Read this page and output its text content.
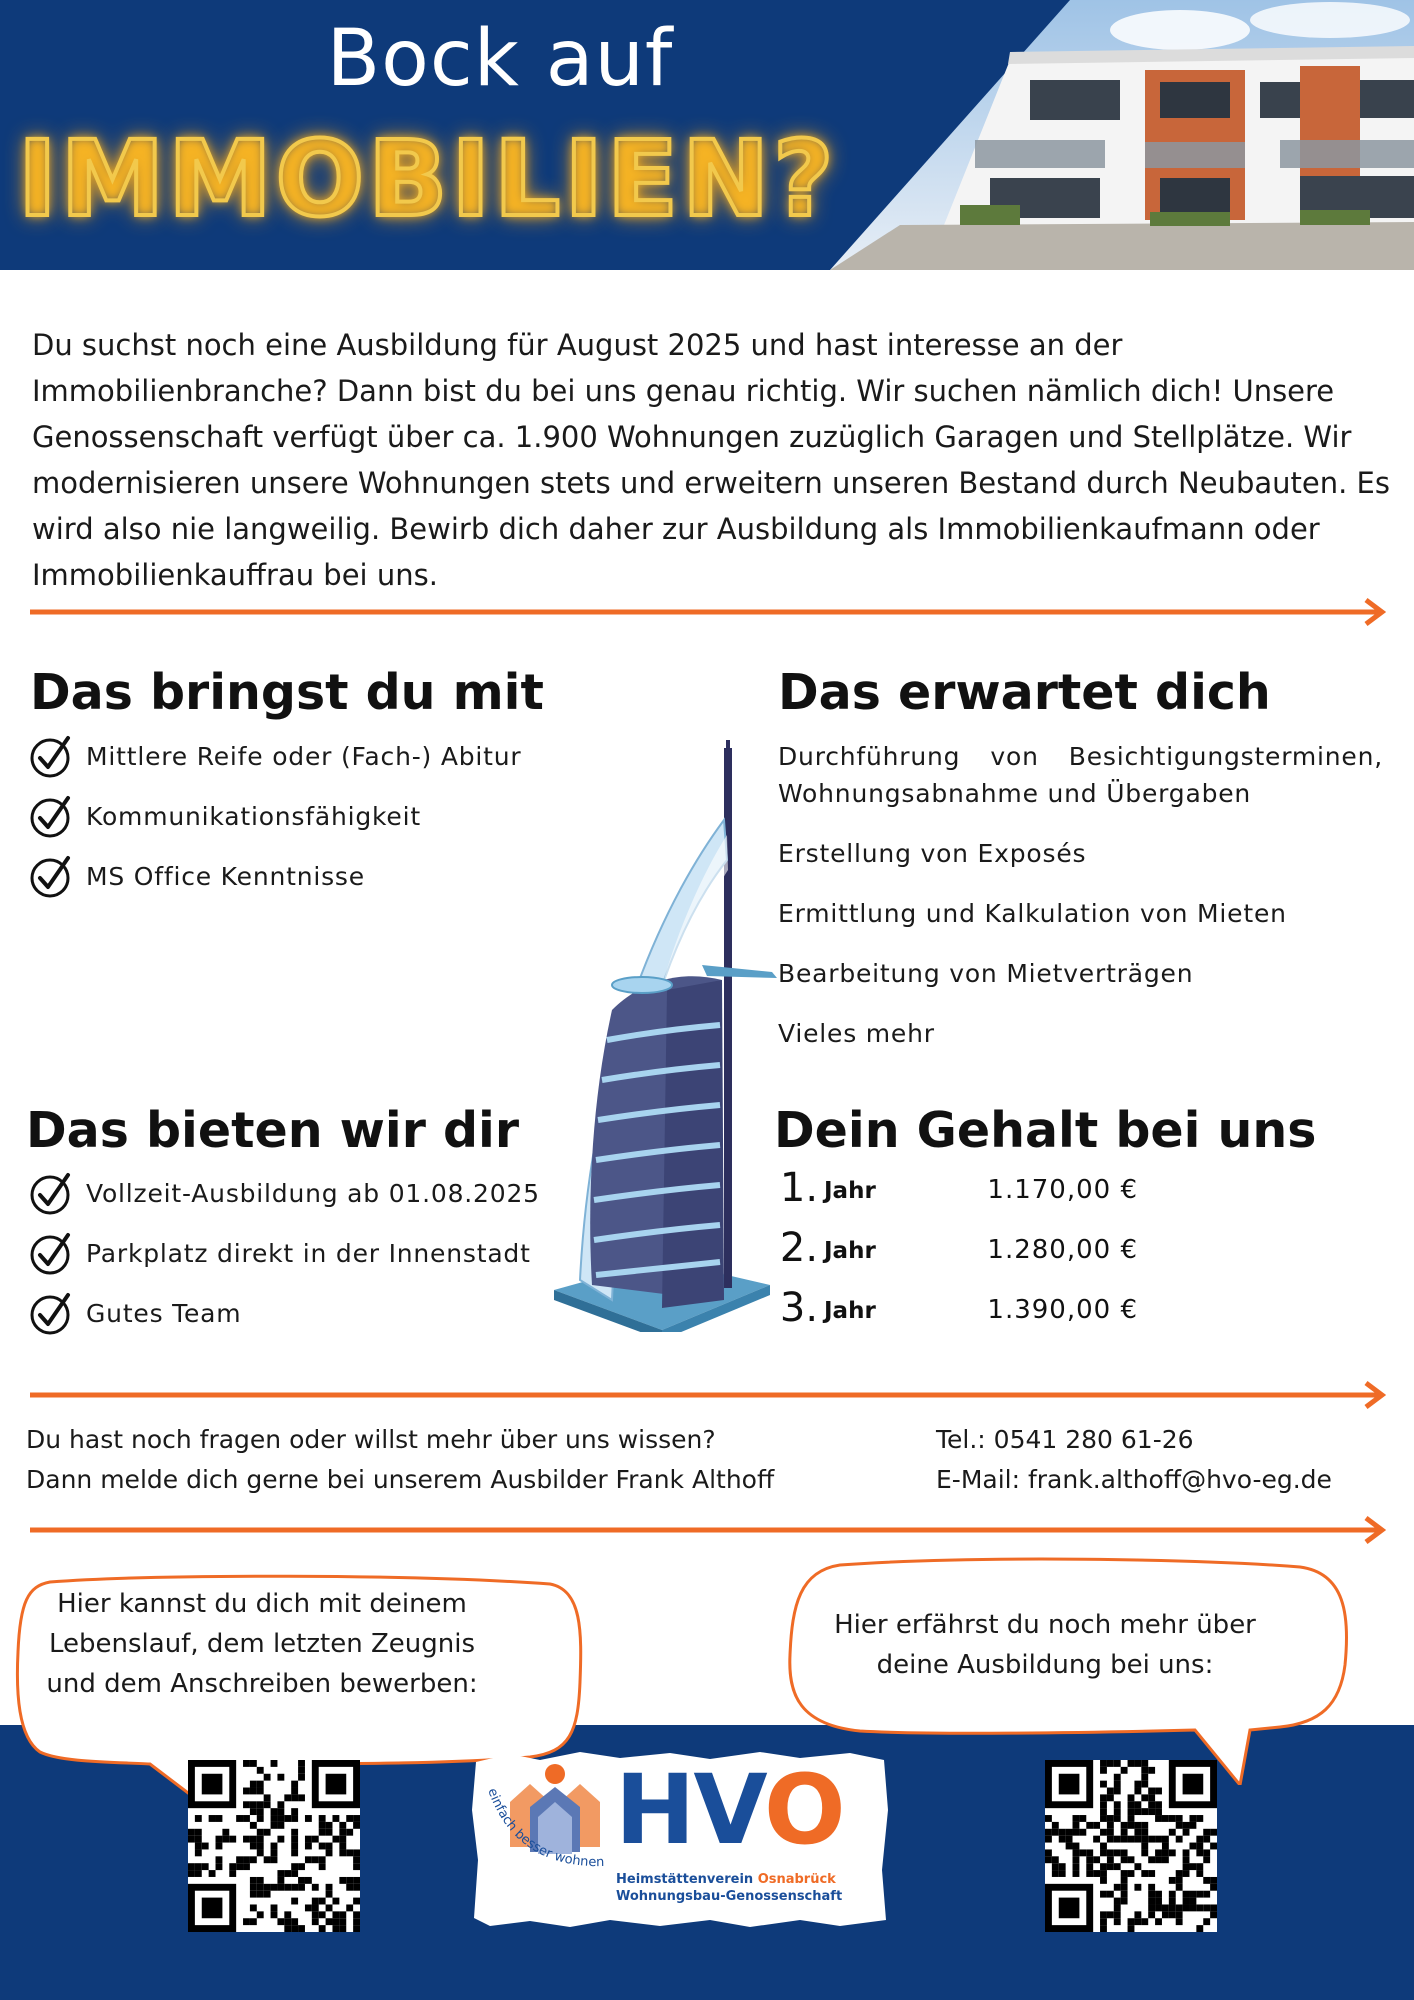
Bock auf
IMMOBILIEN?

Du suchst noch eine Ausbildung für August 2025 und hast interesse an der Immobilienbranche? Dann bist du bei uns genau richtig. Wir suchen nämlich dich! Unsere Genossenschaft verfügt über ca. 1.900 Wohnungen zuzüglich Garagen und Stellplätze. Wir modernisieren unsere Wohnungen stets und erweitern unseren Bestand durch Neubauten. Es wird also nie langweilig. Bewirb dich daher zur Ausbildung als Immobilienkaufmann oder Immobilienkauffrau bei uns.

Das bringst du mit
Mittlere Reife oder (Fach-) Abitur
Kommunikationsfähigkeit
MS Office Kenntnisse
Das erwartet dich
Durchführung von Besichtigungsterminen, Wohnungsabnahme und Übergaben
Erstellung von Exposés
Ermittlung und Kalkulation von Mieten
Bearbeitung von Mietverträgen
Vieles mehr
Das bieten wir dir
Vollzeit-Ausbildung ab 01.08.2025
Parkplatz direkt in der Innenstadt
Gutes Team
Dein Gehalt bei uns
1. Jahr	1.170,00 €
2. Jahr	1.280,00 €
3. Jahr	1.390,00 €
Du hast noch fragen oder willst mehr über uns wissen?
Dann melde dich gerne bei unserem Ausbilder Frank Althoff
Tel.: 0541 280 61-26
E-Mail: frank.althoff@hvo-eg.de
Hier kannst du dich mit deinem
Lebenslauf, dem letzten Zeugnis
und dem Anschreiben bewerben:
Hier erfährst du noch mehr über
deine Ausbildung bei uns:
einfach besser wohnen HVO
Heimstättenverein Osnabrück
Wohnungsbau-Genossenschaft
